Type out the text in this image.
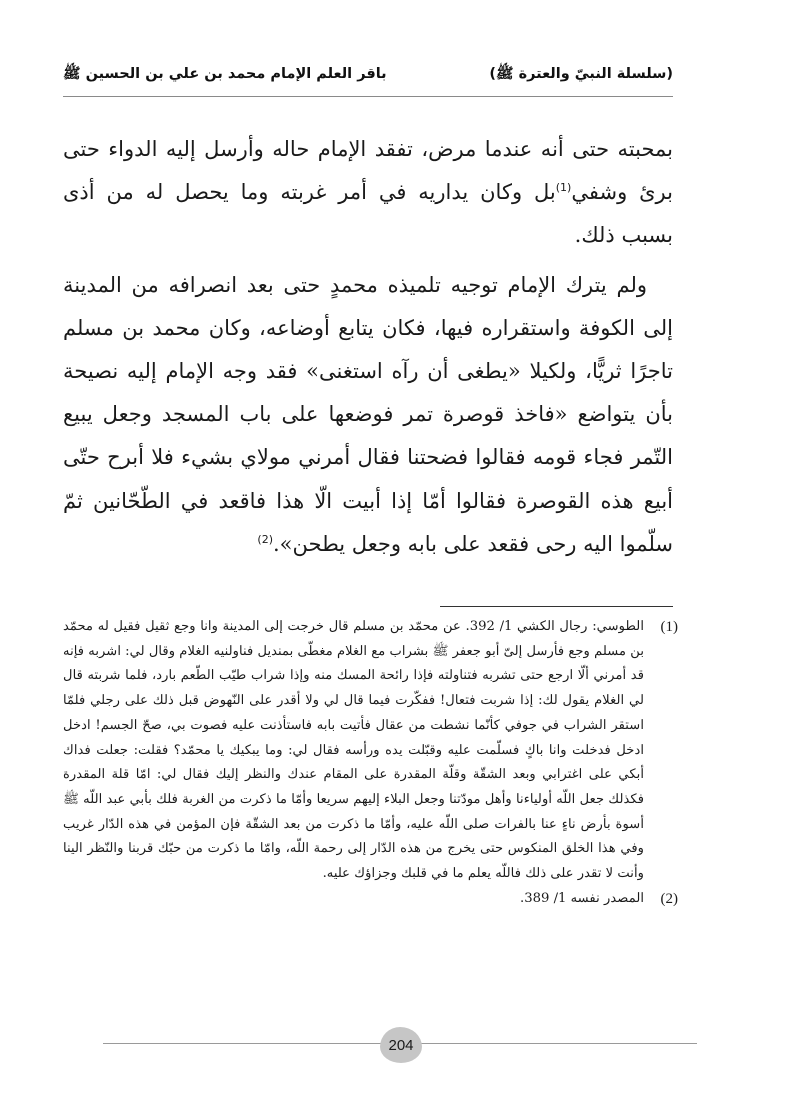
(سلسلة النبيّ والعترة ﷺ)
باقر العلم الإمام محمد بن علي بن الحسين ﷺ

بمحبته حتى أنه عندما مرض، تفقد الإمام حاله وأرسل إليه الدواء حتى برئ وشفي$^{(1)}$بل وكان يداريه في أمر غربته وما يحصل له من أذى بسبب ذلك.

ولم يترك الإمام توجيه تلميذه محمدٍ حتى بعد انصرافه من المدينة إلى الكوفة واستقراره فيها، فكان يتابع أوضاعه، وكان محمد بن مسلم تاجرًا ثريًّا، ولكيلا «يطغى أن رآه استغنى» فقد وجه الإمام إليه نصيحة بأن يتواضع «فاخذ قوصرة تمر فوضعها على باب المسجد وجعل يبيع التّمر فجاء قومه فقالوا فضحتنا فقال أمرني مولاي بشيء فلا أبرح حتّى أبيع هذه القوصرة فقالوا أمّا إذا أبيت الّا هذا فاقعد في الطّحّانين ثمّ سلّموا اليه رحى فقعد على بابه وجعل يطحن».$^{(2)}$

(1)
الطوسي: رجال الكشي 1/ 392. عن محمّد بن مسلم قال خرجت إلى المدينة وانا وجع ثقيل فقيل له محمّد بن مسلم وجع فأرسل إلىّ أبو جعفر ﷺ بشراب مع الغلام مغطّى بمنديل فناولنيه الغلام وقال لي: اشربه فإنه قد أمرني ألّا ارجع حتى تشربه فتناولته فإذا رائحة المسك منه وإذا شراب طيّب الطّعم بارد، فلما شربته قال لي الغلام يقول لك: إذا شربت فتعال! ففكّرت فيما قال لي ولا أقدر على النّهوض قبل ذلك على رجلي فلمّا استقر الشراب في جوفي كأنّما نشطت من عقال فأتيت بابه فاستأذنت عليه فصوت بي، صحّ الجسم! ادخل ادخل فدخلت وانا باكٍ فسلّمت عليه وقبّلت يده ورأسه فقال لي: وما يبكيك يا محمّد؟ فقلت: جعلت فداك أبكي على اغترابي وبعد الشقّة وقلّة المقدرة على المقام عندك والنظر إليك فقال لي: امّا قلة المقدرة فكذلك جعل اللّه أولياءنا وأهل مودّتنا وجعل البلاء إليهم سريعا وأمّا ما ذكرت من الغربة فلك بأبي عبد اللّه ﷺ أسوة بأرض ناءٍ عنا بالفرات صلى اللّه عليه، وأمّا ما ذكرت من بعد الشقّة فإن المؤمن في هذه الدّار غريب وفي هذا الخلق المنكوس حتى يخرج من هذه الدّار إلى رحمة اللّه، وامّا ما ذكرت من حبّك قربنا والنّظر الينا وأنت لا تقدر على ذلك فاللّه يعلم ما في قلبك وجزاؤك عليه.
(2)
المصدر نفسه 1/ 389.
204
